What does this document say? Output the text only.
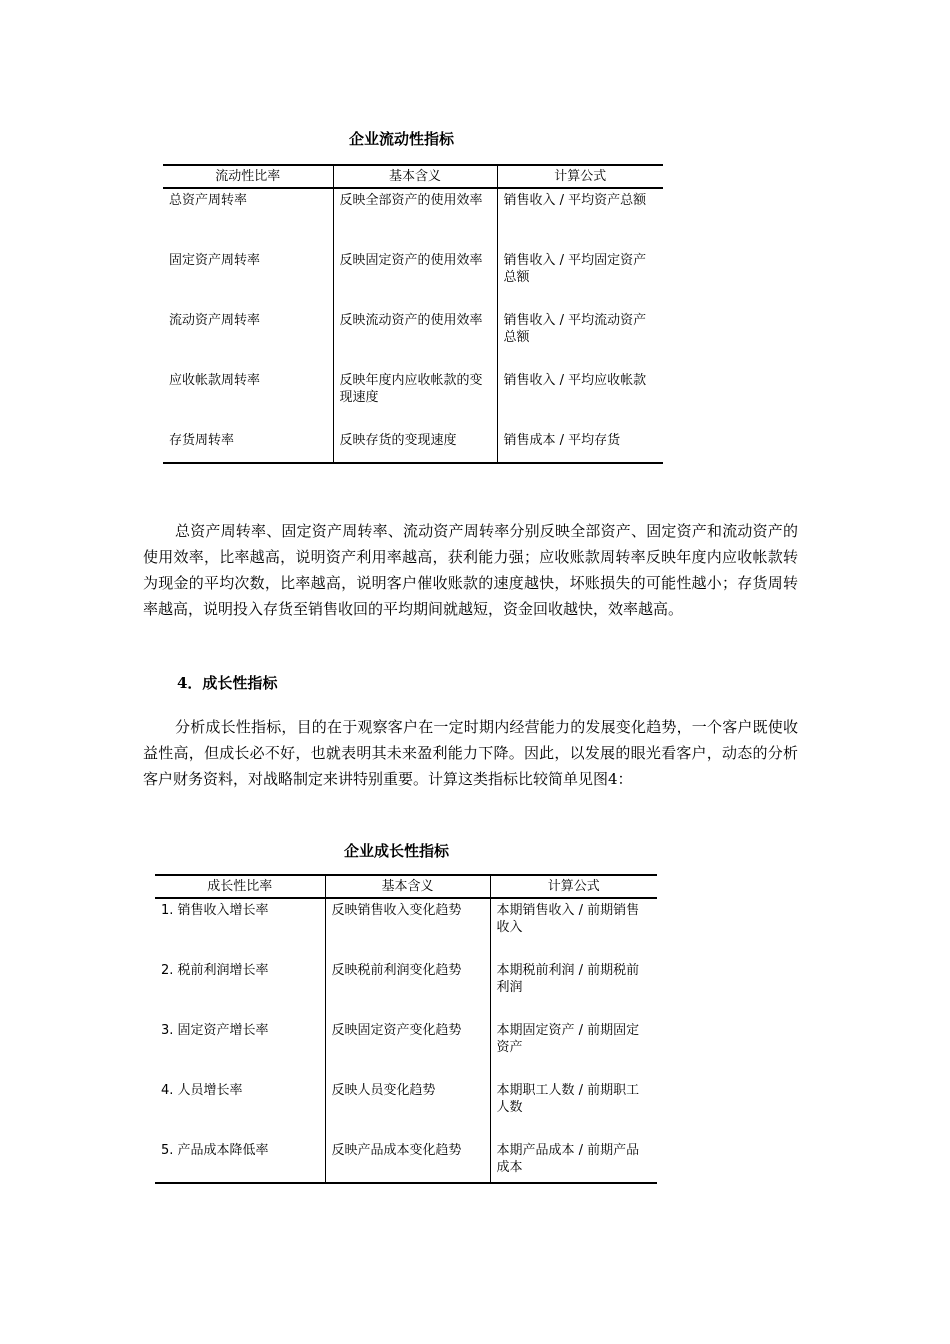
企业流动性指标
流动性比率	基本含义	计算公式
总资产周转率	反映全部资产的使用效率	销售收入 / 平均资产总额
固定资产周转率	反映固定资产的使用效率	销售收入 / 平均固定资产总额
流动资产周转率	反映流动资产的使用效率	销售收入 / 平均流动资产总额
应收帐款周转率	反映年度内应收帐款的变现速度	销售收入 / 平均应收帐款
存货周转率	反映存货的变现速度	销售成本 / 平均存货

总资产周转率、固定资产周转率、流动资产周转率分别反映全部资产、固定资产和流动资产的使用效率，比率越高，说明资产利用率越高，获利能力强；应收账款周转率反映年度内应收帐款转为现金的平均次数，比率越高，说明客户催收账款的速度越快，坏账损失的可能性越小；存货周转率越高，说明投入存货至销售收回的平均期间就越短，资金回收越快，效率越高。

4．成长性指标

分析成长性指标，目的在于观察客户在一定时期内经营能力的发展变化趋势，一个客户既使收益性高，但成长必不好，也就表明其未来盈利能力下降。因此，以发展的眼光看客户，动态的分析客户财务资料，对战略制定来讲特别重要。计算这类指标比较简单见图4：

企业成长性指标
成长性比率	基本含义	计算公式
1. 销售收入增长率	反映销售收入变化趋势	本期销售收入 / 前期销售收入
2. 税前利润增长率	反映税前利润变化趋势	本期税前利润 / 前期税前利润
3. 固定资产增长率	反映固定资产变化趋势	本期固定资产 / 前期固定资产
4. 人员增长率	反映人员变化趋势	本期职工人数 / 前期职工人数
5. 产品成本降低率	反映产品成本变化趋势	本期产品成本 / 前期产品成本
